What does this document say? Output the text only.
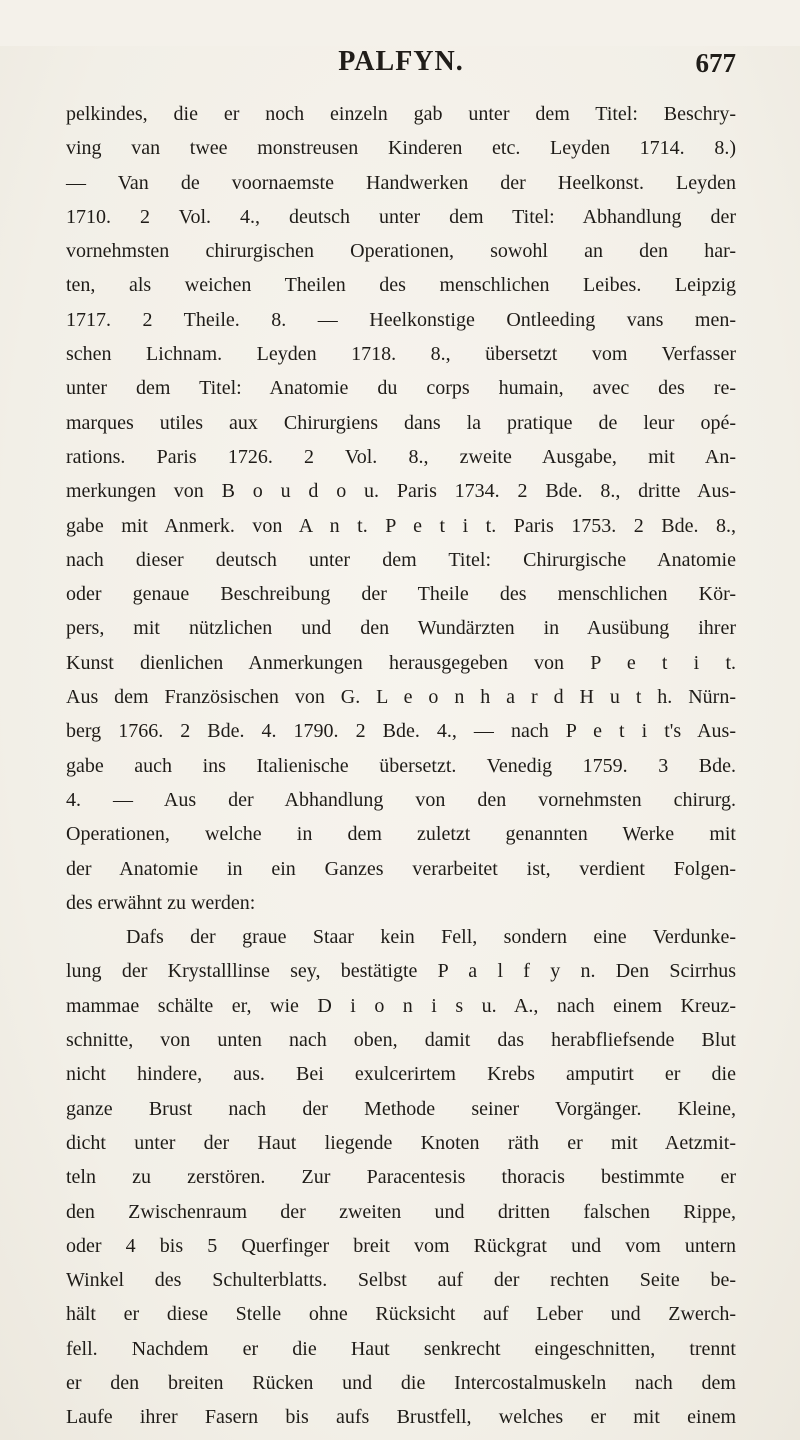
PALFYN.	677
pelkindes, die er noch einzeln gab unter dem Titel: Beschry-
ving van twee monstreusen Kinderen etc. Leyden 1714. 8.)
— Van de voornaemste Handwerken der Heelkonst. Leyden
1710. 2 Vol. 4., deutsch unter dem Titel: Abhandlung der
vornehmsten chirurgischen Operationen, sowohl an den har-
ten, als weichen Theilen des menschlichen Leibes. Leipzig
1717. 2 Theile. 8. — Heelkonstige Ontleeding vans men-
schen Lichnam. Leyden 1718. 8., übersetzt vom Verfasser
unter dem Titel: Anatomie du corps humain, avec des re-
marques utiles aux Chirurgiens dans la pratique de leur opé-
rations. Paris 1726. 2 Vol. 8., zweite Ausgabe, mit An-
merkungen von B o u d o u. Paris 1734. 2 Bde. 8., dritte Aus-
gabe mit Anmerk. von A n t. P e t i t. Paris 1753. 2 Bde. 8.,
nach dieser deutsch unter dem Titel: Chirurgische Anatomie
oder genaue Beschreibung der Theile des menschlichen Kör-
pers, mit nützlichen und den Wundärzten in Ausübung ihrer
Kunst dienlichen Anmerkungen herausgegeben von P e t i t.
Aus dem Französischen von G. L e o n h a r d H u t h. Nürn-
berg 1766. 2 Bde. 4. 1790. 2 Bde. 4., — nach P e t i t's Aus-
gabe auch ins Italienische übersetzt. Venedig 1759. 3 Bde.
4. — Aus der Abhandlung von den vornehmsten chirurg.
Operationen, welche in dem zuletzt genannten Werke mit
der Anatomie in ein Ganzes verarbeitet ist, verdient Folgen-
des erwähnt zu werden:
Dafs der graue Staar kein Fell, sondern eine Verdunke-
lung der Krystalllinse sey, bestätigte P a l f y n. Den Scirrhus
mammae schälte er, wie D i o n i s u. A., nach einem Kreuz-
schnitte, von unten nach oben, damit das herabfliefsende Blut
nicht hindere, aus. Bei exulcerirtem Krebs amputirt er die
ganze Brust nach der Methode seiner Vorgänger. Kleine,
dicht unter der Haut liegende Knoten räth er mit Aetzmit-
teln zu zerstören. Zur Paracentesis thoracis bestimmte er
den Zwischenraum der zweiten und dritten falschen Rippe,
oder 4 bis 5 Querfinger breit vom Rückgrat und vom untern
Winkel des Schulterblatts. Selbst auf der rechten Seite be-
hält er diese Stelle ohne Rücksicht auf Leber und Zwerch-
fell. Nachdem er die Haut senkrecht eingeschnitten, trennt
er den breiten Rücken und die Intercostalmuskeln nach dem
Laufe ihrer Fasern bis aufs Brustfell, welches er mit einem
